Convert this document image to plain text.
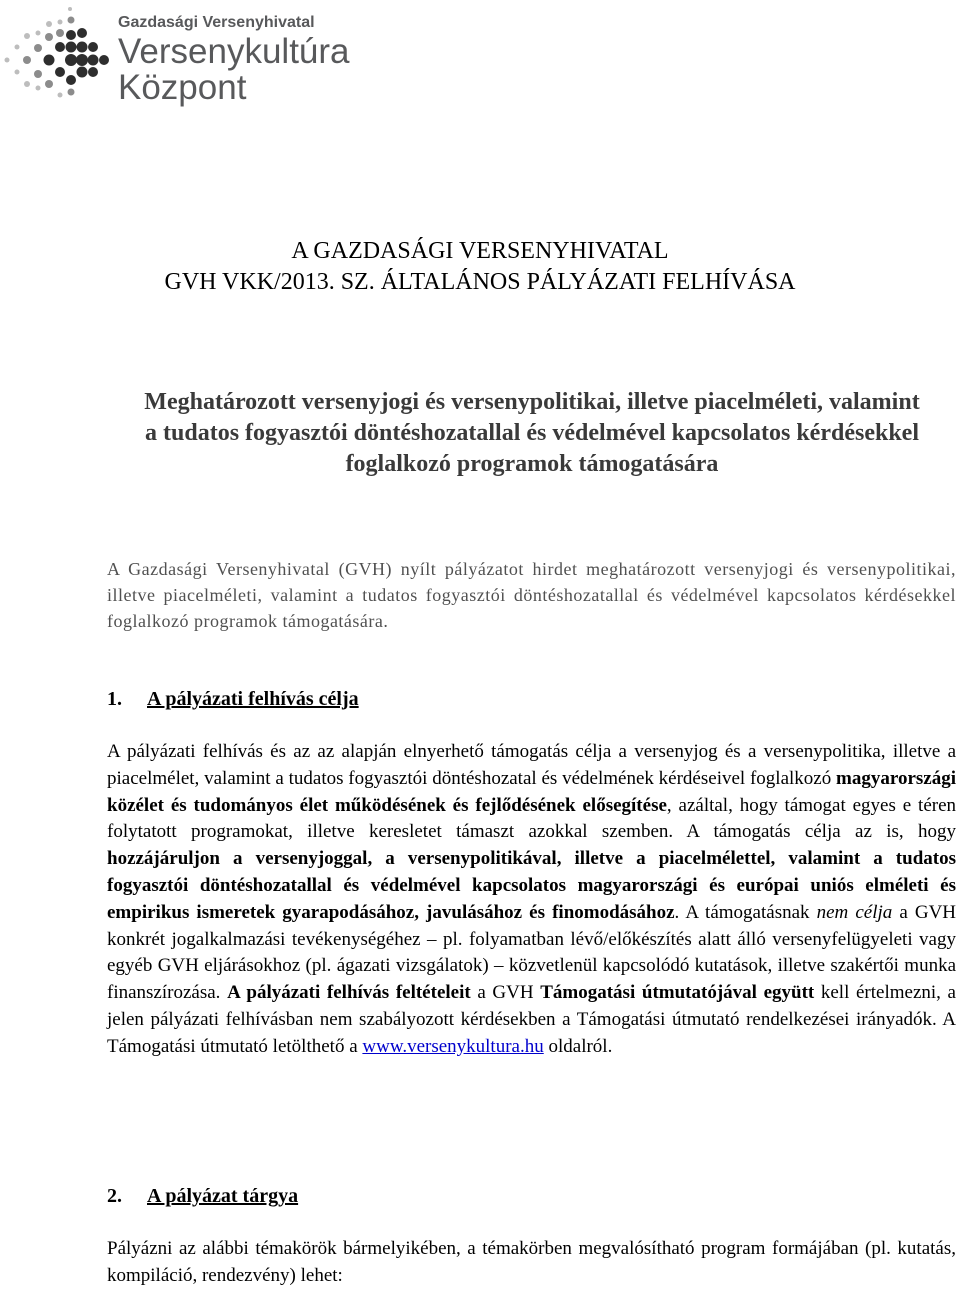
Gazdasági Versenyhivatal
Versenykultúra
Központ
A GAZDASÁGI VERSENYHIVATAL
GVH VKK/2013. SZ. ÁLTALÁNOS PÁLYÁZATI FELHÍVÁSA
Meghatározott versenyjogi és versenypolitikai, illetve piacelméleti, valamint
a tudatos fogyasztói döntéshozatallal és védelmével kapcsolatos kérdésekkel
foglalkozó programok támogatására
A Gazdasági Versenyhivatal (GVH) nyílt pályázatot hirdet meghatározott versenyjogi és versenypolitikai, illetve piacelméleti, valamint a tudatos fogyasztói döntéshozatallal és védelmével kapcsolatos kérdésekkel foglalkozó programok támogatására.
1. A pályázati felhívás célja
A pályázati felhívás és az az alapján elnyerhető támogatás célja a versenyjog és a versenypolitika, illetve a piacelmélet, valamint a tudatos fogyasztói döntéshozatal és védelmének kérdéseivel foglalkozó magyarországi közélet és tudományos élet működésének és fejlődésének elősegítése, azáltal, hogy támogat egyes e téren folytatott programokat, illetve keresletet támaszt azokkal szemben. A támogatás célja az is, hogy hozzájáruljon a versenyjoggal, a versenypolitikával, illetve a piacelmélettel, valamint a tudatos fogyasztói döntéshozatallal és védelmével kapcsolatos magyarországi és európai uniós elméleti és empirikus ismeretek gyarapodásához, javulásához és finomodásához. A támogatásnak nem célja a GVH konkrét jogalkalmazási tevékenységéhez – pl. folyamatban lévő/előkészítés alatt álló versenyfelügyeleti vagy egyéb GVH eljárásokhoz (pl. ágazati vizsgálatok) – közvetlenül kapcsolódó kutatások, illetve szakértői munka finanszírozása. A pályázati felhívás feltételeit a GVH Támogatási útmutatójával együtt kell értelmezni, a jelen pályázati felhívásban nem szabályozott kérdésekben a Támogatási útmutató rendelkezései irányadók. A Támogatási útmutató letölthető a www.versenykultura.hu oldalról.
2. A pályázat tárgya
Pályázni az alábbi témakörök bármelyikében, a témakörben megvalósítható program formájában (pl. kutatás, kompiláció, rendezvény) lehet:
